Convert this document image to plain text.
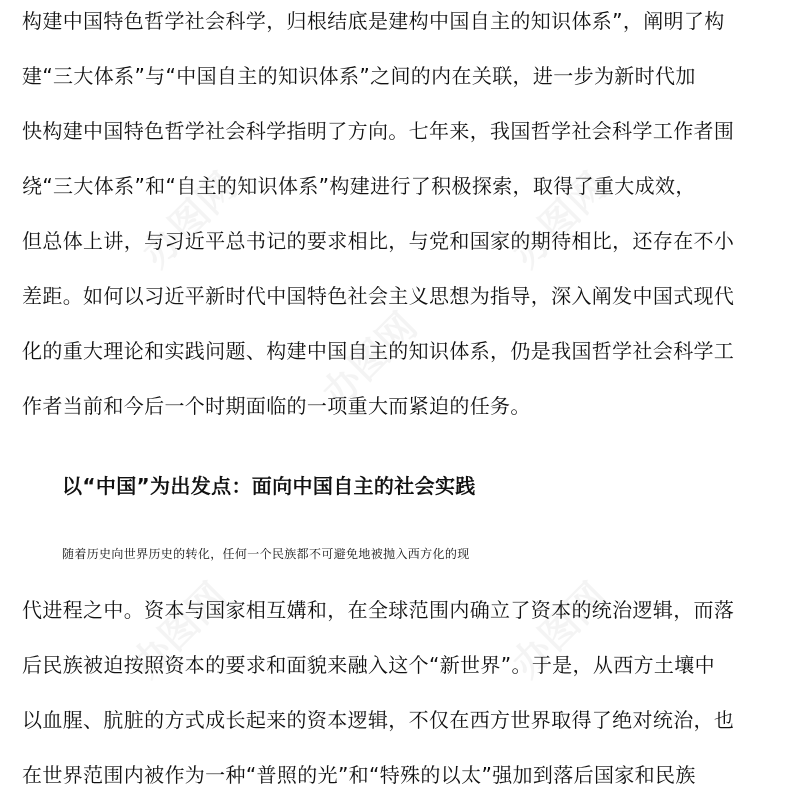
办图网	办图网
办图网
办图网	办图网
构建中国特色哲学社会科学，归根结底是建构中国自主的知识体系”，阐明了构
建“三大体系”与“中国自主的知识体系”之间的内在关联，进一步为新时代加
快构建中国特色哲学社会科学指明了方向。七年来，我国哲学社会科学工作者围
绕“三大体系”和“自主的知识体系”构建进行了积极探索，取得了重大成效，
但总体上讲，与习近平总书记的要求相比，与党和国家的期待相比，还存在不小
差距。如何以习近平新时代中国特色社会主义思想为指导，深入阐发中国式现代
化的重大理论和实践问题、构建中国自主的知识体系，仍是我国哲学社会科学工
作者当前和今后一个时期面临的一项重大而紧迫的任务。
以“中国”为出发点：面向中国自主的社会实践
随着历史向世界历史的转化，任何一个民族都不可避免地被抛入西方化的现
代进程之中。资本与国家相互媾和，在全球范围内确立了资本的统治逻辑，而落
后民族被迫按照资本的要求和面貌来融入这个“新世界”。于是，从西方土壤中
以血腥、肮脏的方式成长起来的资本逻辑，不仅在西方世界取得了绝对统治，也
在世界范围内被作为一种“普照的光”和“特殊的以太”强加到落后国家和民族
